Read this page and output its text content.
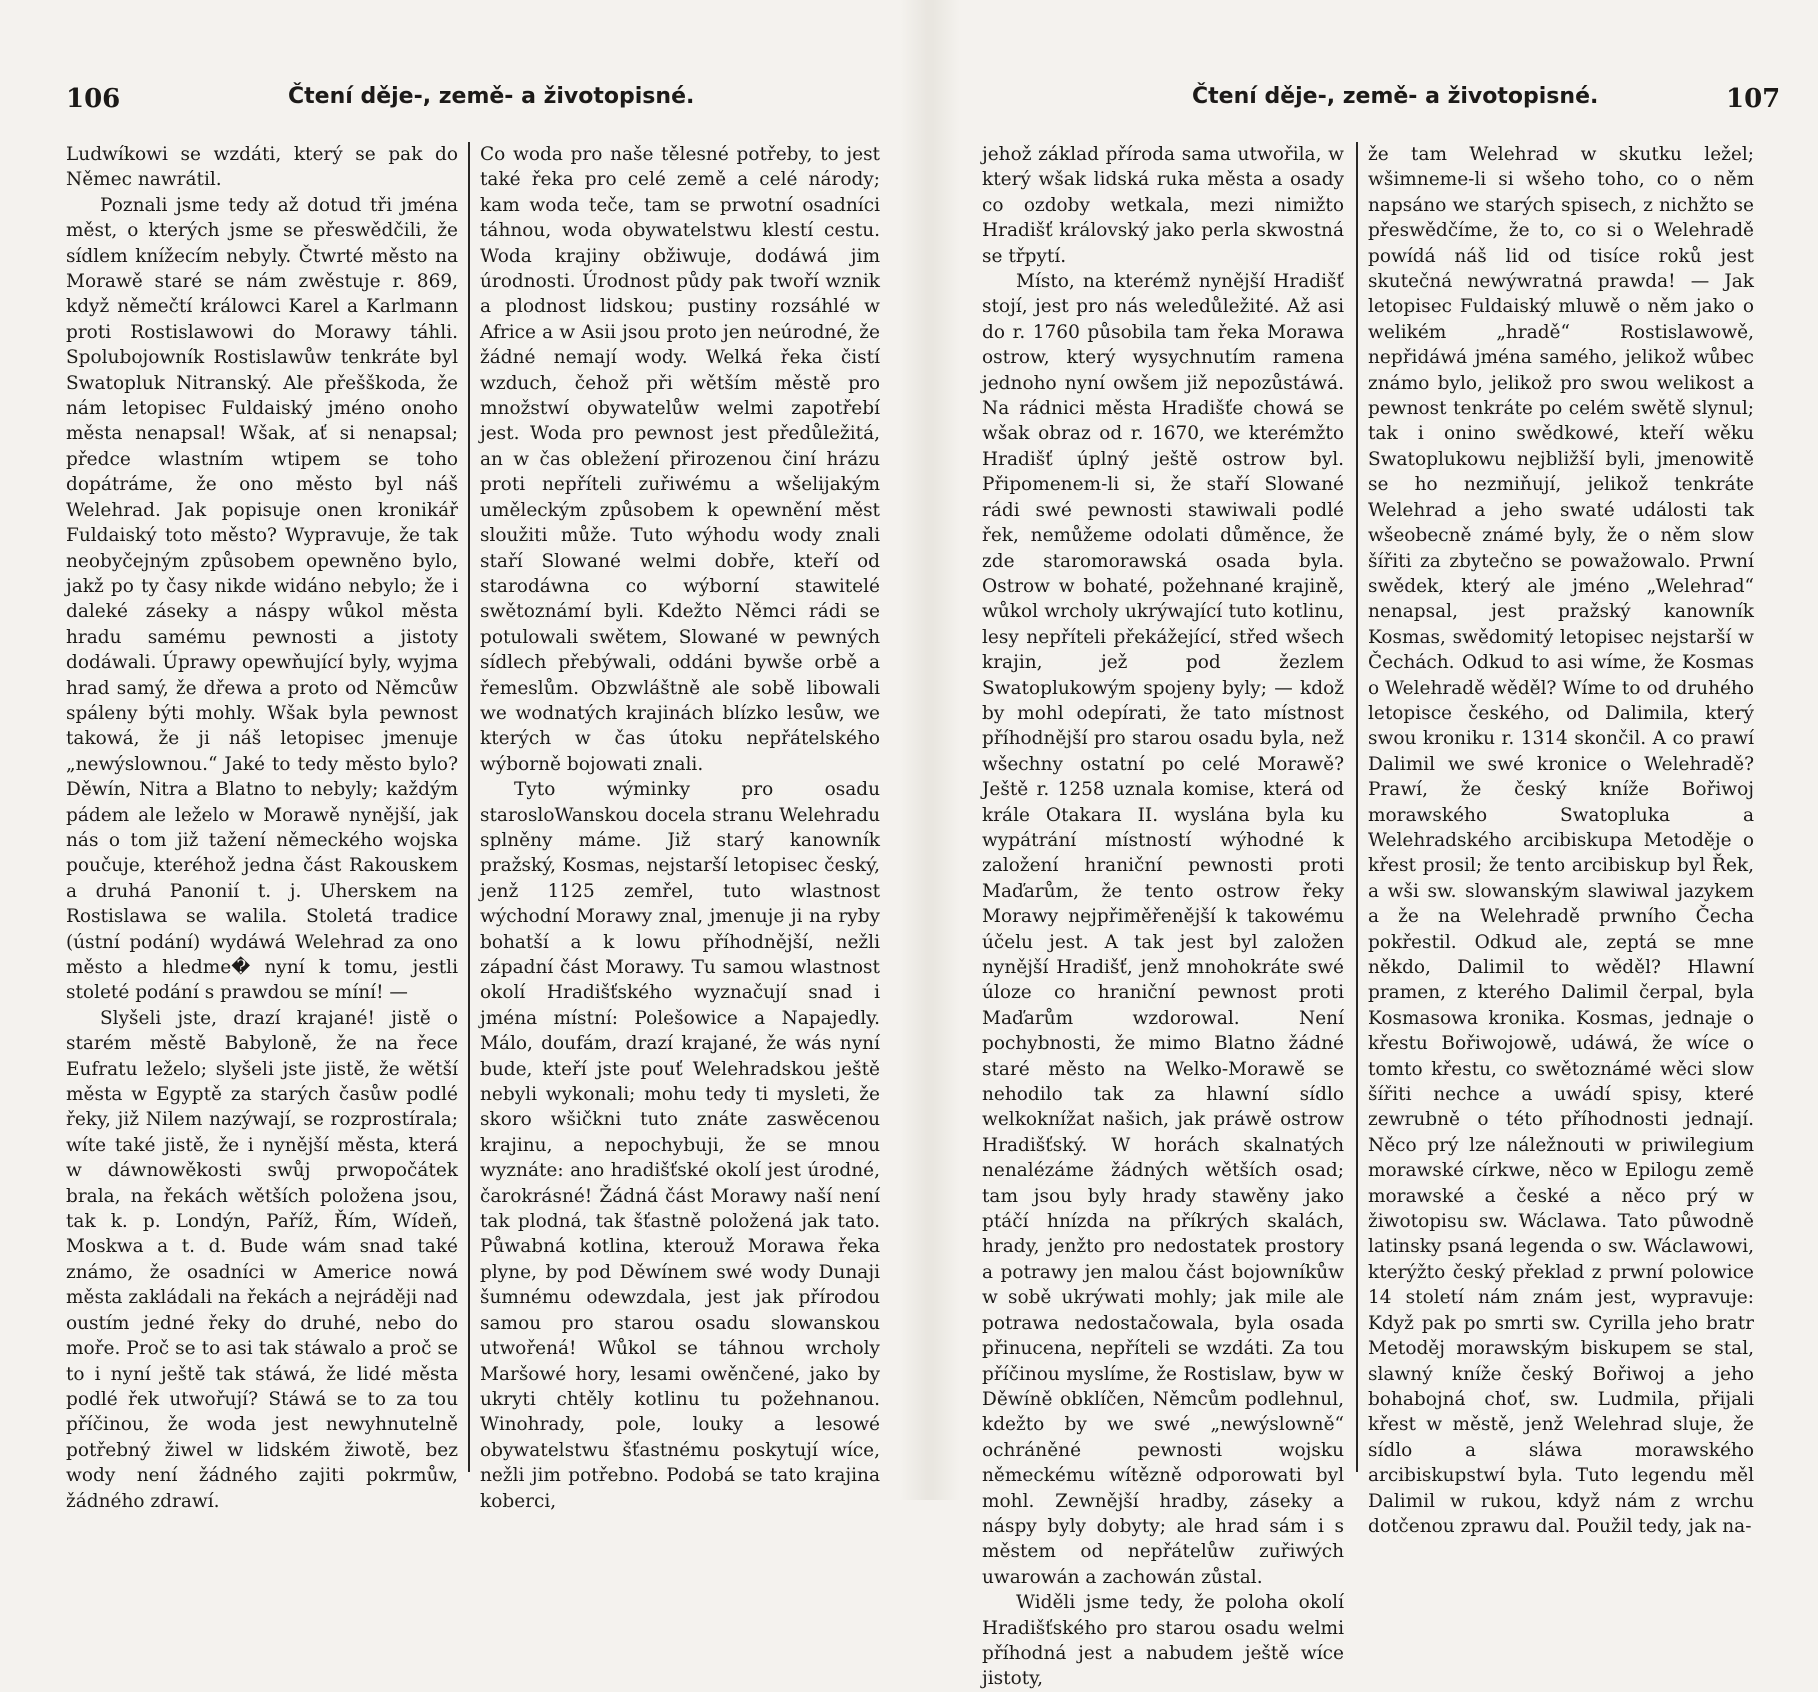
106	Čtení děje-, země- a životopisné.

Ludwíkowi se wzdáti, který se pak do Němec nawrátil.

Poznali jsme tedy až dotud tři jména měst, o kterých jsme se přeswědčili, že sídlem knížecím nebyly. Čtwrté město na Morawě staré se nám zwěstuje r. 869, když němečtí králowci Karel a Karlmann proti Rostislawowi do Morawy táhli. Spolubojowník Rostislawůw tenkráte byl Swatopluk Nitranský. Ale přešškoda, že nám letopisec Fuldaiský jméno onoho města nenapsal! Wšak, ať si nenapsal; předce wlastním wtipem se toho dopátráme, že ono město byl náš Welehrad. Jak popisuje onen kronikář Fuldaiský toto město? Wypravuje, že tak neobyčejným způsobem opewněno bylo, jakž po ty časy nikde widáno nebylo; že i daleké záseky a náspy wůkol města hradu samému pewnosti a jistoty dodáwali. Úprawy opewňující byly, wyjma hrad samý, že dřewa a proto od Němcůw spáleny býti mohly. Wšak byla pewnost takowá, že ji náš letopisec jmenuje „newýslownou.“ Jaké to tedy město bylo? Děwín, Nitra a Blatno to nebyly; každým pádem ale leželo w Morawě nynější, jak nás o tom již tažení německého wojska poučuje, kteréhož jedna část Rakouskem a druhá Panonií t. j. Uherskem na Rostislawa se walila. Stoletá tradice (ústní podání) wydáwá Welehrad za ono město a hledme� nyní k tomu, jestli stoleté podání s prawdou se míní! —

Slyšeli jste, drazí krajané! jistě o starém městě Babyloně, že na řece Eufratu leželo; slyšeli jste jistě, že wětší města w Egyptě za starých časůw podlé řeky, již Nilem nazýwají, se rozprostírala; wíte také jistě, že i nynější města, která w dáwnowěkosti swůj prwopočátek brala, na řekách wětších položena jsou, tak k. p. Londýn, Paříž, Řím, Wídeň, Moskwa a t. d. Bude wám snad také známo, že osadníci w Americe nowá města zakládali na řekách a nejráději nad oustím jedné řeky do druhé, nebo do moře. Proč se to asi tak stáwalo a proč se to i nyní ještě tak stáwá, že lidé města podlé řek utwořují? Stáwá se to za tou příčinou, že woda jest newyhnutelně potřebný žiwel w lidském žiwotě, bez wody není žádného zajiti pokrmůw, žádného zdrawí.

Co woda pro naše tělesné potřeby, to jest také řeka pro celé země a celé národy; kam woda teče, tam se prwotní osadníci táhnou, woda obywatelstwu klestí cestu. Woda krajiny obžiwuje, dodáwá jim úrodnosti. Úrodnost půdy pak twoří wznik a plodnost lidskou; pustiny rozsáhlé w Africe a w Asii jsou proto jen neúrodné, že žádné nemají wody. Welká řeka čistí wzduch, čehož při wětším městě pro množstwí obywatelůw welmi zapotřebí jest. Woda pro pewnost jest předůležitá, an w čas obležení přirozenou činí hrázu proti nepříteli zuřiwému a wšelijakým uměleckým způsobem k opewnění měst sloužiti může. Tuto wýhodu wody znali staří Slowané welmi dobře, kteří od starodáwna co wýborní stawitelé swětoznámí byli. Kdežto Němci rádi se potulowali swětem, Slowané w pewných sídlech přebýwali, oddáni bywše orbě a řemeslům. Obzwláštně ale sobě libowali we wodnatých krajinách blízko lesůw, we kterých w čas útoku nepřátelského wýborně bojowati znali.

Tyto wýminky pro osadu starosloWanskou docela stranu Welehradu splněny máme. Již starý kanowník pražský, Kosmas, nejstarší letopisec český, jenž 1125 zemřel, tuto wlastnost wýchodní Morawy znal, jmenuje ji na ryby bohatší a k lowu příhodnější, nežli západní část Morawy. Tu samou wlastnost okolí Hradišťského wyznačují snad i jména místní: Polešowice a Napajedly. Málo, doufám, drazí krajané, že wás nyní bude, kteří jste pouť Welehradskou ještě nebyli wykonali; mohu tedy ti mysleti, že skoro wšičkni tuto znáte zaswěcenou krajinu, a nepochybuji, že se mnou wyznáte: ano hradišťské okolí jest úrodné, čarokrásné! Žádná část Morawy naší není tak plodná, tak šťastně položená jak tato. Půwabná kotlina, kterouž Morawa řeka plyne, by pod Děwínem swé wody Dunaji šumnému odewzdala, jest jak přírodou samou pro starou osadu slowanskou utwořená! Wůkol se táhnou wrcholy Maršowé hory, lesami owěnčené, jako by ukryti chtěly kotlinu tu požehnanou. Winohrady, pole, louky a lesowé obywatelstwu šťastnému poskytují wíce, nežli jim potřebno. Podobá se tato krajina koberci,

Čtení děje-, země- a životopisné.	107

jehož základ příroda sama utwořila, w který wšak lidská ruka města a osady co ozdoby wetkala, mezi nimižto Hradišť královský jako perla skwostná se třpytí.

Místo, na kterémž nynější Hradišť stojí, jest pro nás weledůležité. Až asi do r. 1760 působila tam řeka Morawa ostrow, který wysychnutím ramena jednoho nyní owšem již nepozůstáwá. Na rádnici města Hradišťe chowá se wšak obraz od r. 1670, we kterémžto Hradišť úplný ještě ostrow byl. Připomenem-li si, že staří Slowané rádi swé pewnosti stawiwali podlé řek, nemůžeme odolati důměnce, že zde staromorawská osada byla. Ostrow w bohaté, požehnané krajině, wůkol wrcholy ukrýwající tuto kotlinu, lesy nepříteli překážející, střed wšech krajin, jež pod žezlem Swatoplukowým spojeny byly; — kdož by mohl odepírati, že tato místnost příhodnější pro starou osadu byla, než wšechny ostatní po celé Morawě? Ještě r. 1258 uznala komise, která od krále Otakara II. wyslána byla ku wypátrání místností wýhodné k založení hraniční pewnosti proti Maďarům, že tento ostrow řeky Morawy nejpřiměřenější k takowému účelu jest. A tak jest byl založen nynější Hradišť, jenž mnohokráte swé úloze co hraniční pewnost proti Maďarům wzdorowal. Není pochybnosti, že mimo Blatno žádné staré město na Welko-Morawě se nehodilo tak za hlawní sídlo welkoknížat našich, jak práwě ostrow Hradišťský. W horách skalnatých nenalézáme žádných wětších osad; tam jsou byly hrady stawěny jako ptáčí hnízda na příkrých skalách, hrady, jenžto pro nedostatek prostory a potrawy jen malou část bojowníkůw w sobě ukrýwati mohly; jak mile ale potrawa nedostačowala, byla osada přinucena, nepříteli se wzdáti. Za tou příčinou myslíme, že Rostislaw, byw w Děwíně obklíčen, Němcům podlehnul, kdežto by we swé „newýslowně“ ochráněné pewnosti wojsku německému wítězně odporowati byl mohl. Zewnější hradby, záseky a náspy byly dobyty; ale hrad sám i s městem od nepřátelůw zuřiwých uwarowán a zachowán zůstal.

Widěli jsme tedy, že poloha okolí Hradišťského pro starou osadu welmi příhodná jest a nabudem ještě wíce jistoty,

že tam Welehrad w skutku ležel; wšimneme-li si wšeho toho, co o něm napsáno we starých spisech, z nichžto se přeswědčíme, že to, co si o Welehradě powídá náš lid od tisíce roků jest skutečná newýwratná prawda! — Jak letopisec Fuldaiský mluwě o něm jako o welikém „hradě“ Rostislawowě, nepřidáwá jména samého, jelikož wůbec známo bylo, jelikož pro swou welikost a pewnost tenkráte po celém swětě slynul; tak i onino swědkowé, kteří wěku Swatoplukowu nejbližší byli, jmenowitě se ho nezmiňují, jelikož tenkráte Welehrad a jeho swaté události tak wšeobecně známé byly, že o něm slow šířiti za zbytečno se powažowalo. Prwní swědek, který ale jméno „Welehrad“ nenapsal, jest pražský kanowník Kosmas, swědomitý letopisec nejstarší w Čechách. Odkud to asi wíme, že Kosmas o Welehradě wěděl? Wíme to od druhého letopisce českého, od Dalimila, který swou kroniku r. 1314 skončil. A co prawí Dalimil we swé kronice o Welehradě? Prawí, že český kníže Bořiwoj morawského Swatopluka a Welehradského arcibiskupa Metoděje o křest prosil; že tento arcibiskup byl Řek, a wši sw. slowanským slawiwal jazykem a že na Welehradě prwního Čecha pokřestil. Odkud ale, zeptá se mne někdo, Dalimil to wěděl? Hlawní pramen, z kterého Dalimil čerpal, byla Kosmasowa kronika. Kosmas, jednaje o křestu Bořiwojowě, udáwá, že wíce o tomto křestu, co swětoznámé wěci slow šířiti nechce a uwádí spisy, které zewrubně o této příhodnosti jednají. Něco prý lze náležnouti w priwilegium morawské církwe, něco w Epilogu země morawské a české a něco prý w žiwotopisu sw. Wáclawa. Tato půwodně latinsky psaná legenda o sw. Wáclawowi, kterýžto český překlad z prwní polowice 14 století nám znám jest, wypravuje: Když pak po smrti sw. Cyrilla jeho bratr Metoděj morawským biskupem se stal, slawný kníže český Bořiwoj a jeho bohabojná choť, sw. Ludmila, přijali křest w městě, jenž Welehrad sluje, že sídlo a sláwa morawského arcibiskupstwí byla. Tuto legendu měl Dalimil w rukou, když nám z wrchu dotčenou zprawu dal. Použil tedy, jak na-
